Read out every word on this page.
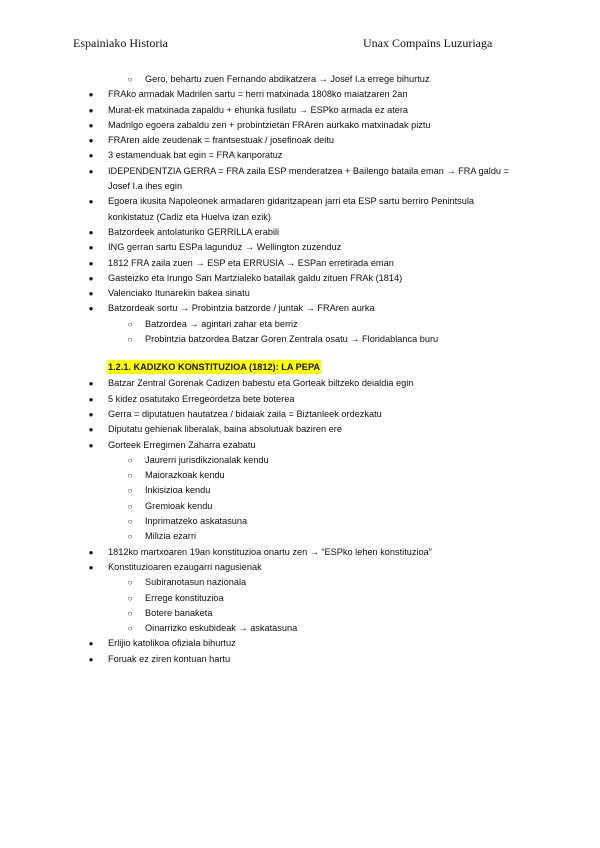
Espainiako Historia	Unax Compains Luzuriaga
○ Gero, behartu zuen Fernando abdikatzera → Josef I.a errege bihurtuz
● FRAko armadak Madrilen sartu = herri matxinada 1808ko maiatzaren 2an
● Murat-ek matxinada zapaldu + ehunka fusilatu → ESPko armada ez atera
● Madrilgo egoera zabaldu zen + probintzietan FRAren aurkako matxinadak piztu
● FRAren alde zeudenak = frantsestuak / josefinoak deitu
● 3 estamenduak bat egin = FRA kanporatuz
● IDEPENDENTZIA GERRA = FRA zaila ESP menderatzea + Bailengo bataila eman → FRA galdu =
Josef I.a ihes egin
● Egoera ikusita Napoleonek armadaren gidaritzapean jarri eta ESP sartu berriro Penintsula
konkistatuz (Cadiz eta Huelva izan ezik)
● Batzordeek antolaturiko GERRILLA erabili
● ING gerran sartu ESPa lagunduz → Wellington zuzenduz
● 1812 FRA zaila zuen → ESP eta ERRUSIA → ESPan erretirada eman
● Gasteizko eta Irungo San Martzialeko batailak galdu zituen FRAk (1814)
● Valenciako Itunarekin bakea sinatu
● Batzordeak sortu → Probintzia batzorde / juntak → FRAren aurka
○ Batzordea → agintari zahar eta berriz
○ Probintzia batzordea Batzar Goren Zentrala osatu → Floridablanca buru
1.2.1. KADIZKO KONSTITUZIOA (1812): LA PEPA
● Batzar Zentral Gorenak Cadizen babestu eta Gorteak biltzeko deialdia egin
● 5 kidez osatutako Erregeordetza bete boterea
● Gerra = diputatuen hautatzea / bidaiak zaila = Biztanleek ordezkatu
● Diputatu gehienak liberalak, baina absolutuak baziren ere
● Gorteek Erregimen Zaharra ezabatu
○ Jaurerri jurisdikzionalak kendu
○ Maiorazkoak kendu
○ Inkisizioa kendu
○ Gremioak kendu
○ Inprimatzeko askatasuna
○ Milizia ezarri
● 1812ko martxoaren 19an konstituzioa onartu zen → “ESPko lehen konstituzioa”
● Konstituzioaren ezaugarri nagusienak
○ Subiranotasun nazionala
○ Errege konstituzioa
○ Botere banaketa
○ Oinarrizko eskubideak → askatasuna
● Erlijio katolikoa ofiziala bihurtuz
● Foruak ez ziren kontuan hartu
